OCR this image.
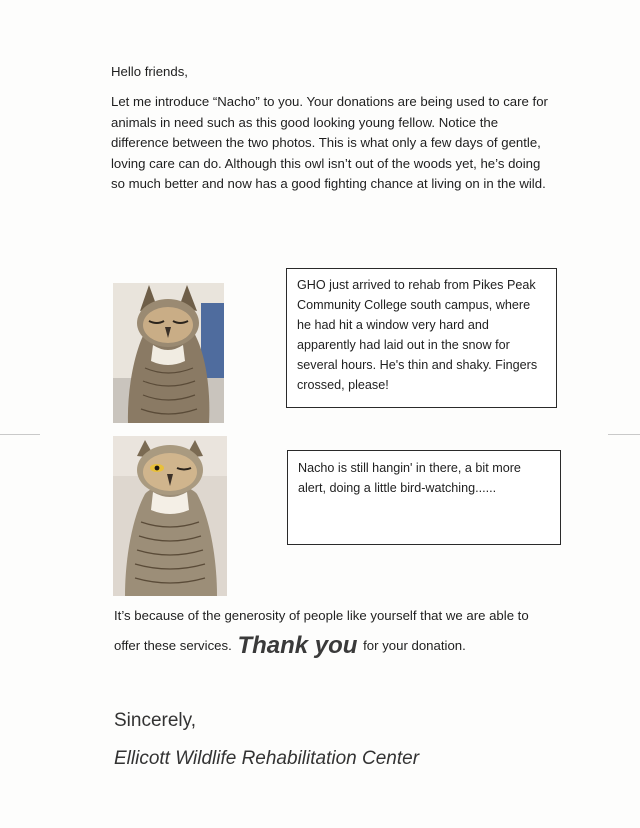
Hello friends,

Let me introduce “Nacho” to you. Your donations are being used to care for animals in need such as this good looking young fellow. Notice the difference between the two photos. This is what only a few days of gentle, loving care can do. Although this owl isn’t out of the woods yet, he’s doing so much better and now has a good fighting chance at living on in the wild.

GHO just arrived to rehab from Pikes Peak Community College south campus, where he had hit a window very hard and apparently had laid out in the snow for several hours. He's thin and shaky. Fingers crossed, please!

Nacho is still hangin' in there, a bit more alert, doing a little bird-watching......

It’s because of the generosity of people like yourself that we are able to

offer these services. Thank you for your donation.

Sincerely,

Ellicott Wildlife Rehabilitation Center
